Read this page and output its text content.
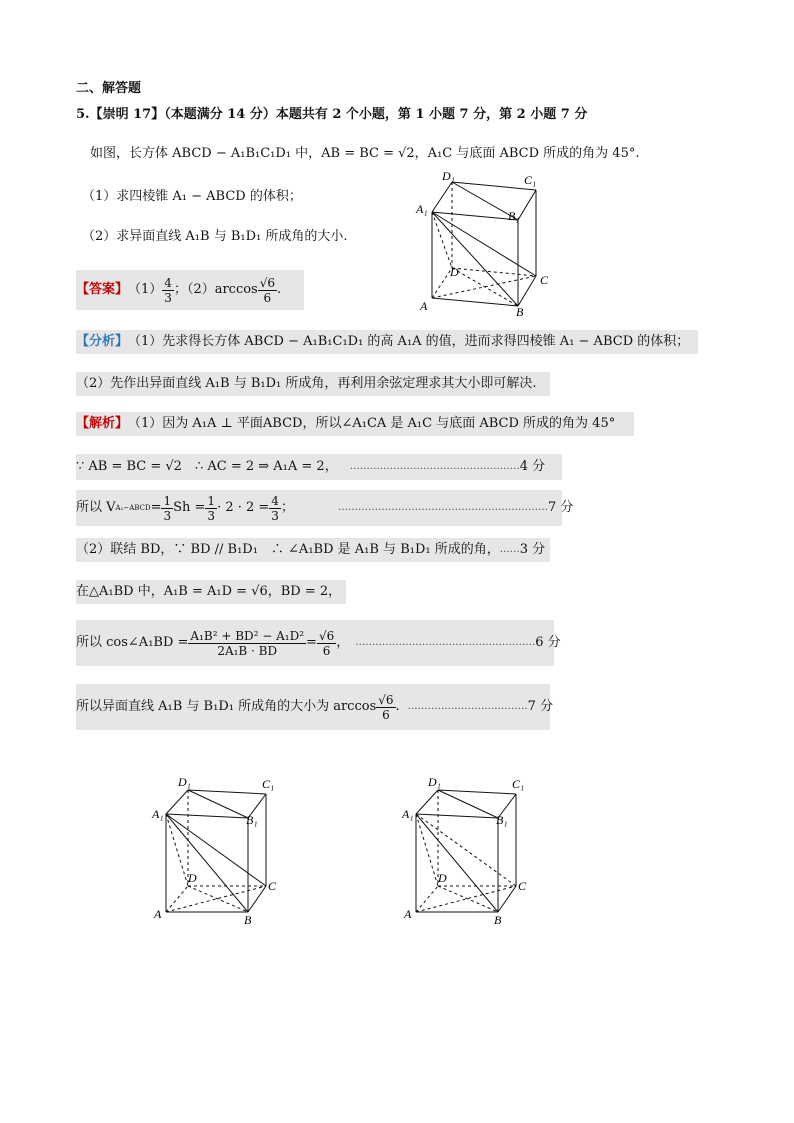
二、解答题
5.【崇明 17】（本题满分 14 分）本题共有 2 个小题，第 1 小题 7 分，第 2 小题 7 分
如图，长方体 ABCD − A₁B₁C₁D₁ 中，AB = BC = √2，A₁C 与底面 ABCD 所成的角为 45°.
（1）求四棱锥 A₁ − ABCD 的体积；
（2）求异面直线 A₁B 与 B₁D₁ 所成角的大小.
【答案】 $(1) \frac{4}{3}$ ；$(2)\arccos \frac{√6}{6}$ .
D₁	C₁
A₁	B₁
D
C
A	B
【分析】 （1）先求得长方体 ABCD − A₁B₁C₁D₁ 的高 A₁A 的值，进而求得四棱锥 A₁ − ABCD 的体积；
（2）先作出异面直线 A₁B 与 B₁D₁ 所成角，再利用余弦定理求其大小即可解决.
【解析】 （1）因为 A₁A ⊥ 平面ABCD，所以∠A₁CA 是 A₁C 与底面 ABCD 所成的角为 45°
∵ AB = BC = √2　∴ AC = 2 ⇒ A₁A = 2， …………………………………………… 4 分
所以 V A₁−ABCD = $\frac{1}{3}$ $Sh = \frac{1}{3} \cdot 2 \cdot 2 = \frac{4}{3}$ ；	……………………………………………………… 7 分
（2）联结 BD，∵ BD // B₁D₁　∴ ∠A₁BD 是 A₁B 与 B₁D₁ 所成的角， …… 3 分
在△A₁BD 中，A₁B = A₁D = √6，BD = 2，
所以 cos∠A₁BD = $\frac{\text{A₁B² + BD² − A₁D²}}{\text{2A₁B · BD}} = \frac{√6}{6}$ ， ……………………………………………… 6 分
所以异面直线 A₁B 与 B₁D₁ 所成角的大小为 $\arccos \frac{√6}{6}$ . ……………………………… 7 分
D₁	C₁
A₁	B₁
D
C
A	B
D₁	C₁
A₁	B₁
D
C
A	B
